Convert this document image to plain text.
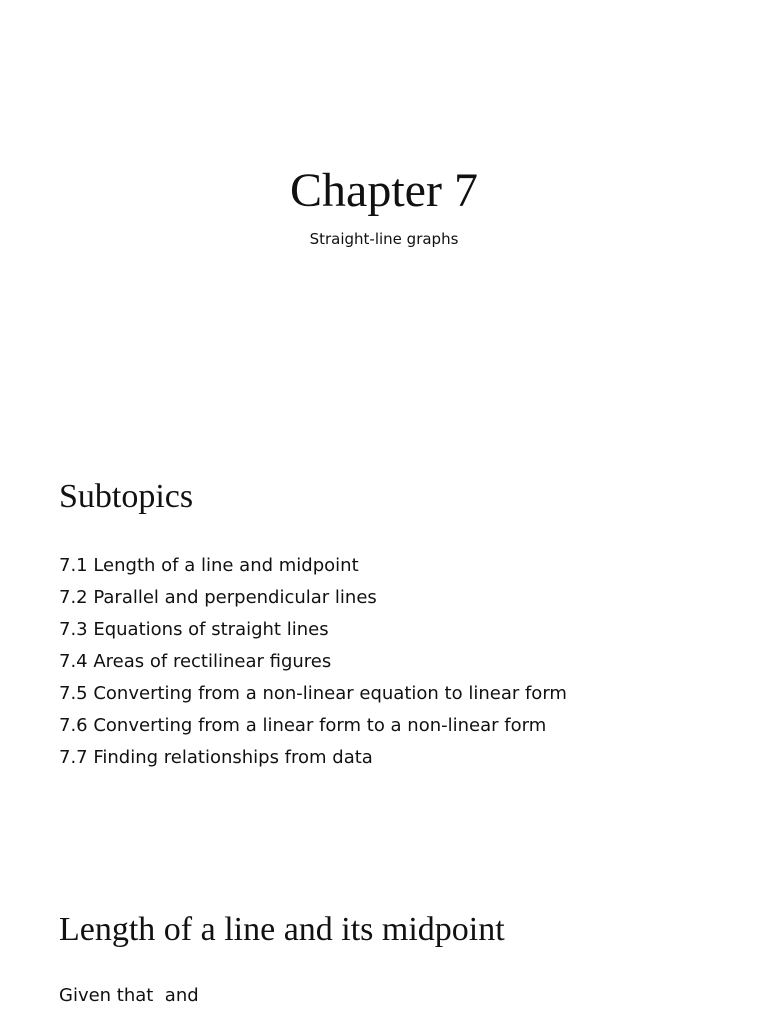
Chapter 7

Straight-line graphs

Subtopics
7.1 Length of a line and midpoint
7.2 Parallel and perpendicular lines
7.3 Equations of straight lines
7.4 Areas of rectilinear figures
7.5 Converting from a non-linear equation to linear form
7.6 Converting from a linear form to a non-linear form
7.7 Finding relationships from data
Length of a line and its midpoint

Given that  and
